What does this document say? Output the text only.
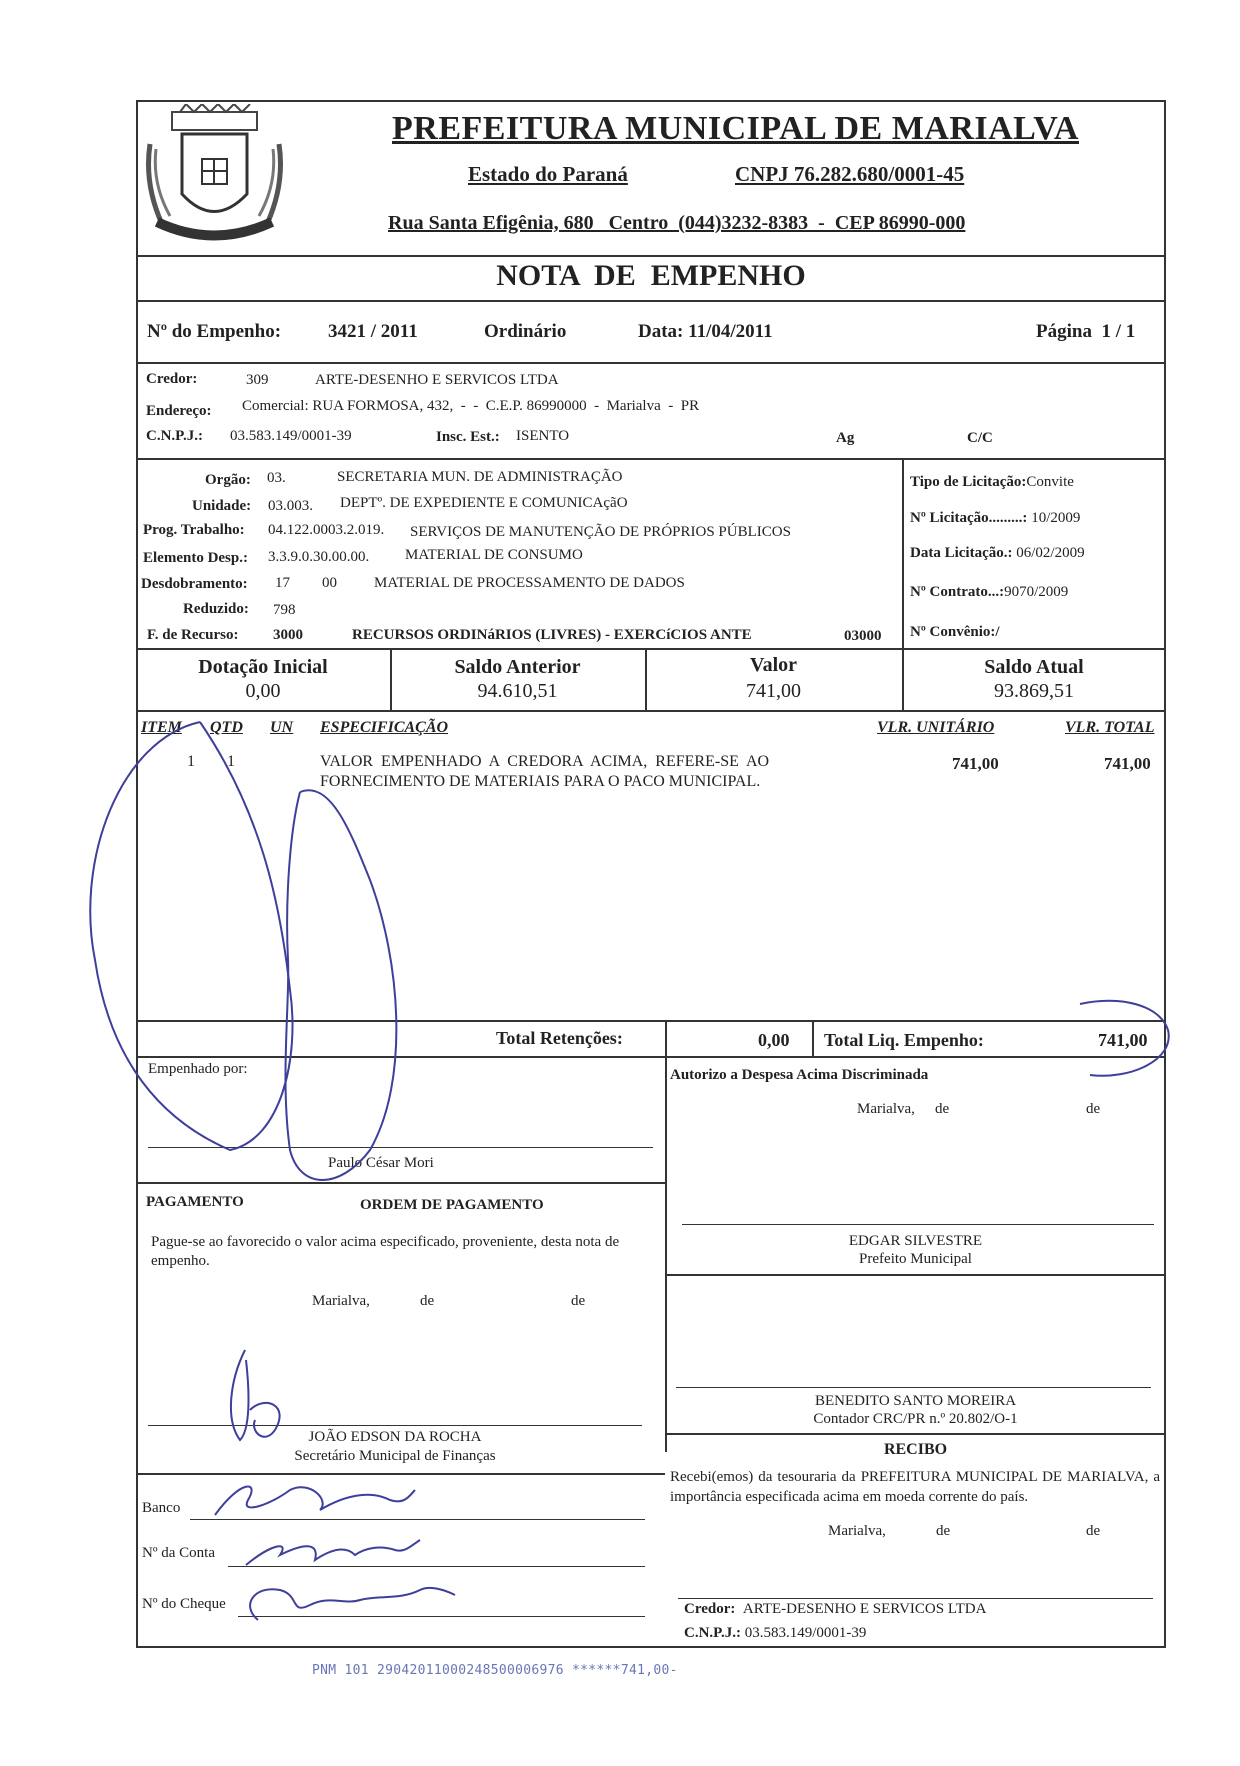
PREFEITURA MUNICIPAL DE MARIALVA
Estado do Paraná	CNPJ 76.282.680/0001-45
Rua Santa Efigênia, 680   Centro  (044)3232-8383  -  CEP 86990-000
NOTA  DE  EMPENHO
Nº do Empenho: 3421 / 2011	Ordinário	Data: 11/04/2011	Página  1 / 1
Credor:	309	ARTE-DESENHO E SERVICOS LTDA
Endereço: Comercial: RUA FORMOSA, 432,  -  -  C.E.P. 86990000  -  Marialva  -  PR
C.N.P.J.: 03.583.149/0001-39	Insc. Est.: ISENTO	Ag	C/C
Orgão: 03.	SECRETARIA MUN. DE ADMINISTRAÇÃO
Unidade: 03.003. DEPTº. DE EXPEDIENTE E COMUNICAçãO
Prog. Trabalho: 04.122.0003.2.019. SERVIÇOS DE MANUTENÇÃO DE PRÓPRIOS PÚBLICOS
Elemento Desp.: 3.3.9.0.30.00.00. MATERIAL DE CONSUMO
Desdobramento: 17 00 MATERIAL DE PROCESSAMENTO DE DADOS
Reduzido: 798
F. de Recurso: 3000	RECURSOS ORDINáRIOS (LIVRES) - EXERCíCIOS ANTE	03000
Tipo de Licitação:Convite
Nº Licitação.........: 10/2009
Data Licitação.: 06/02/2009
Nº Contrato...:9070/2009
Nº Convênio:/
Dotação Inicial
0,00
Saldo Anterior
94.610,51
Valor
741,00
Saldo Atual
93.869,51
ITEM QTD UN ESPECIFICAÇÃO	VLR. UNITÁRIO	VLR. TOTAL
1 1	VALOR  EMPENHADO  A  CREDORA  ACIMA,  REFERE-SE  AO
FORNECIMENTO DE MATERIAIS PARA O PACO MUNICIPAL.
741,00	741,00
Total Retenções:	0,00 Total Liq. Empenho:	741,00
Empenhado por:
Paulo César Mori
Autorizo a Despesa Acima Discriminada
Marialva, de	de
EDGAR SILVESTRE
Prefeito Municipal
PAGAMENTO	ORDEM DE PAGAMENTO
Pague-se ao favorecido o valor acima especificado, proveniente, desta nota de empenho.
Marialva,	de	de
JOÃO EDSON DA ROCHA
Secretário Municipal de Finanças
BENEDITO SANTO MOREIRA
Contador CRC/PR n.º 20.802/O-1
RECIBO
Recebi(emos) da tesouraria da PREFEITURA MUNICIPAL DE MARIALVA, a importância especificada acima em moeda corrente do país.
Marialva,	de	de
Credor: ARTE-DESENHO E SERVICOS LTDA
C.N.P.J.: 03.583.149/0001-39
Banco
Nº da Conta
Nº do Cheque
PNM 101 29042011000248500006976 ******741,00-
